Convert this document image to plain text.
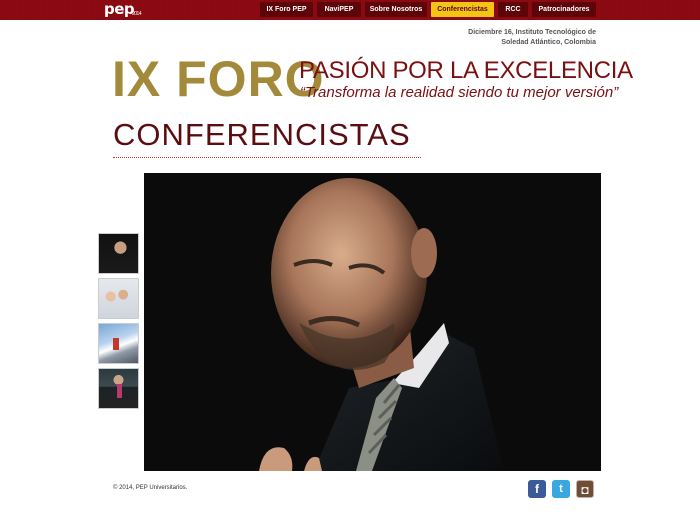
pep
2014
IX Foro PEP	NaviPEP	Sobre Nosotros	Conferencistas	RCC	Patrocinadores
Diciembre 16, Instituto Tecnológico de
Soledad Atlántico, Colombia
IX FORO
PASIÓN POR LA EXCELENCIA
“Transforma la realidad siendo tu mejor versión”
CONFERENCISTAS
© 2014, PEP Universitarios.	f	t	◘
